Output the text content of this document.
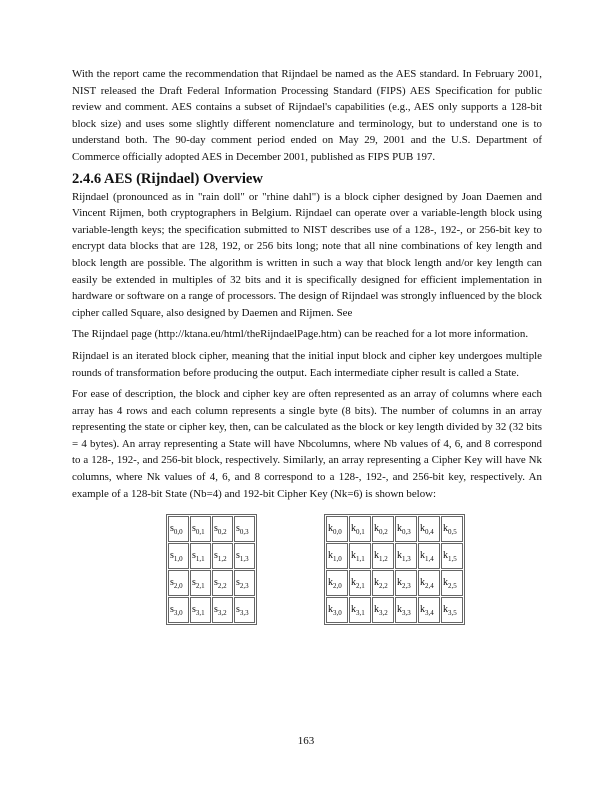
With the report came the recommendation that Rijndael be named as the AES standard. In February 2001, NIST released the Draft Federal Information Processing Standard (FIPS) AES Specification for public review and comment. AES contains a subset of Rijndael's capabilities (e.g., AES only supports a 128-bit block size) and uses some slightly different nomenclature and terminology, but to understand one is to understand both. The 90-day comment period ended on May 29, 2001 and the U.S. Department of Commerce officially adopted AES in December 2001, published as FIPS PUB 197.

2.4.6 AES (Rijndael) Overview

Rijndael (pronounced as in "rain doll" or "rhine dahl") is a block cipher designed by Joan Daemen and Vincent Rijmen, both cryptographers in Belgium. Rijndael can operate over a variable-length block using variable-length keys; the specification submitted to NIST describes use of a 128-, 192-, or 256-bit key to encrypt data blocks that are 128, 192, or 256 bits long; note that all nine combinations of key length and block length are possible. The algorithm is written in such a way that block length and/or key length can easily be extended in multiples of 32 bits and it is specifically designed for efficient implementation in hardware or software on a range of processors. The design of Rijndael was strongly influenced by the block cipher called Square, also designed by Daemen and Rijmen. See

The Rijndael page (http://ktana.eu/html/theRijndaelPage.htm) can be reached for a lot more information.

Rijndael is an iterated block cipher, meaning that the initial input block and cipher key undergoes multiple rounds of transformation before producing the output. Each intermediate cipher result is called a State.

For ease of description, the block and cipher key are often represented as an array of columns where each array has 4 rows and each column represents a single byte (8 bits). The number of columns in an array representing the state or cipher key, then, can be calculated as the block or key length divided by 32 (32 bits = 4 bytes). An array representing a State will have Nbcolumns, where Nb values of 4, 6, and 8 correspond to a 128-, 192-, and 256-bit block, respectively. Similarly, an array representing a Cipher Key will have Nk columns, where Nk values of 4, 6, and 8 correspond to a 128-, 192-, and 256-bit key, respectively. An example of a 128-bit State (Nb=4) and 192-bit Cipher Key (Nk=6) is shown below:

$s_{0,0}$	$s_{0,1}$	$s_{0,2}$	$s_{0,3}$
$s_{1,0}$	$s_{1,1}$	$s_{1,2}$	$s_{1,3}$
$s_{2,0}$	$s_{2,1}$	$s_{2,2}$	$s_{2,3}$
$s_{3,0}$	$s_{3,1}$	$s_{3,2}$	$s_{3,3}$
$k_{0,0}$	$k_{0,1}$	$k_{0,2}$	$k_{0,3}$	$k_{0,4}$	$k_{0,5}$
$k_{1,0}$	$k_{1,1}$	$k_{1,2}$	$k_{1,3}$	$k_{1,4}$	$k_{1,5}$
$k_{2,0}$	$k_{2,1}$	$k_{2,2}$	$k_{2,3}$	$k_{2,4}$	$k_{2,5}$
$k_{3,0}$	$k_{3,1}$	$k_{3,2}$	$k_{3,3}$	$k_{3,4}$	$k_{3,5}$
163
